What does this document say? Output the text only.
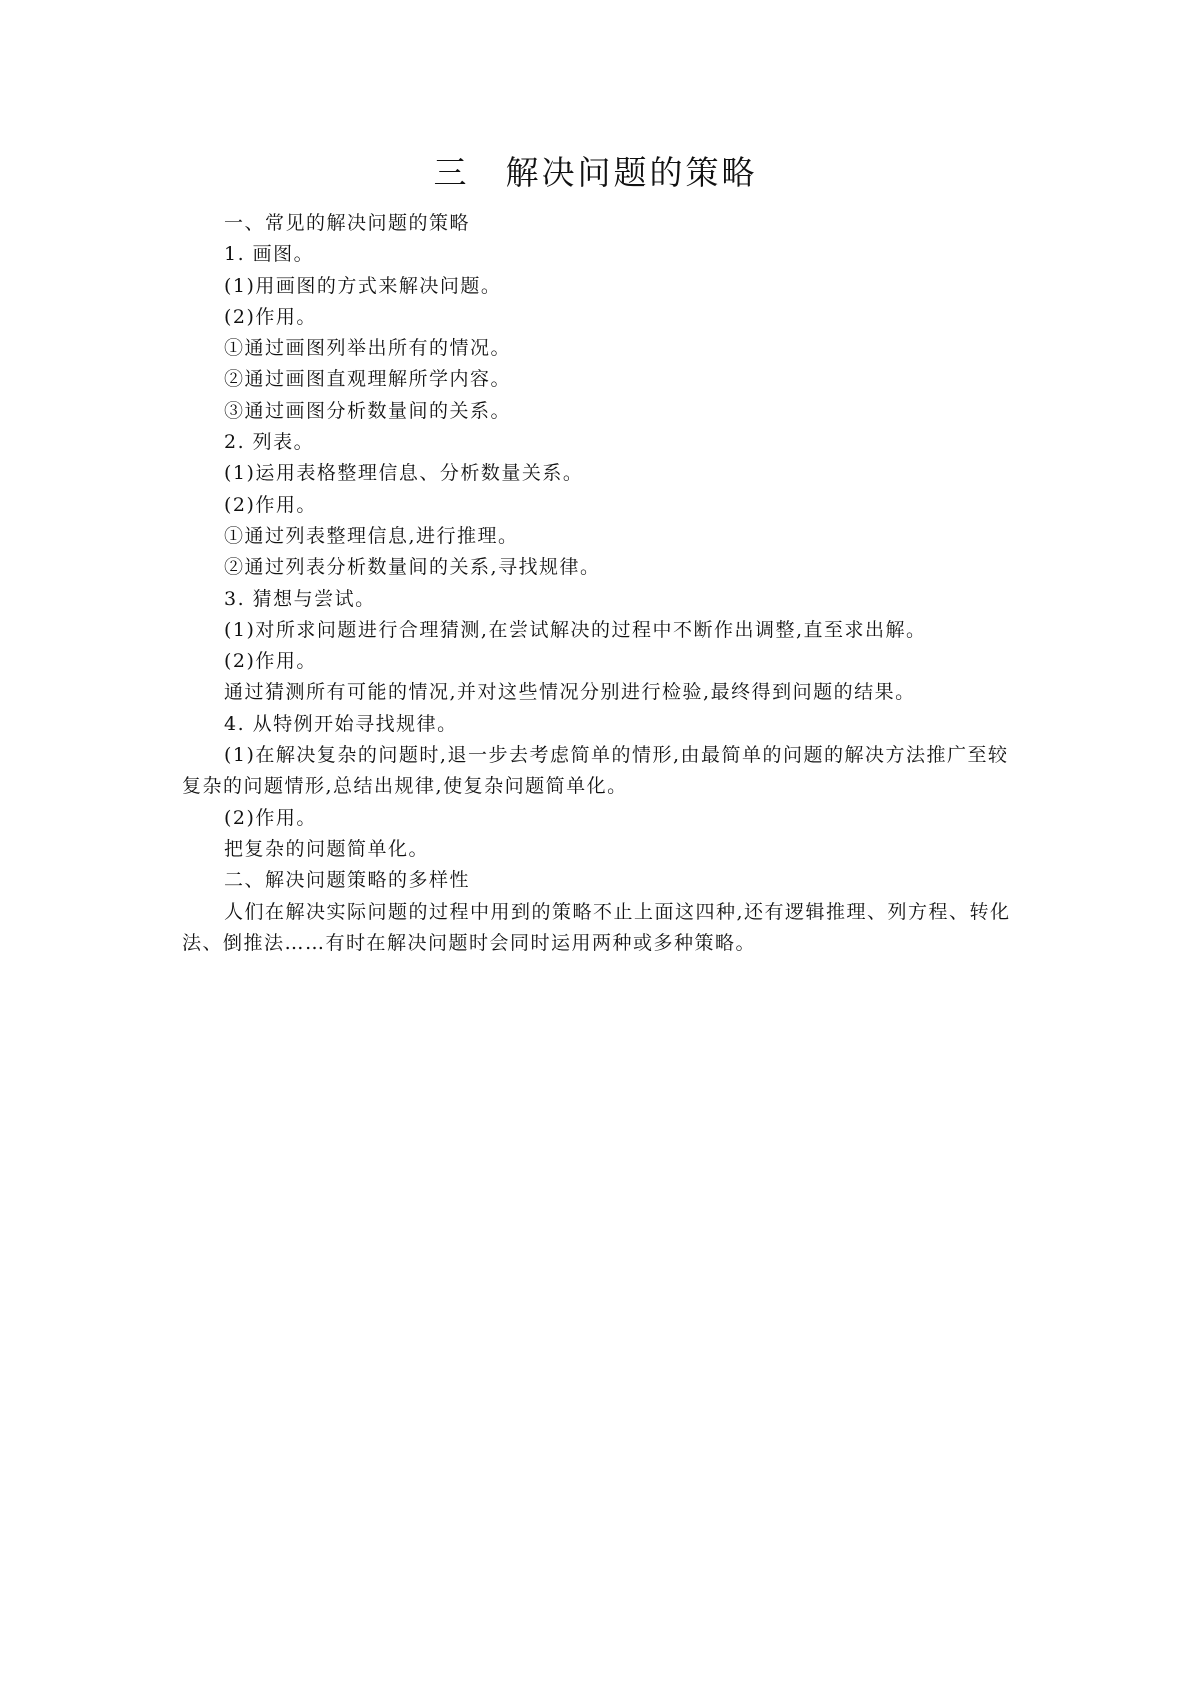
三　解决问题的策略

一、常见的解决问题的策略

1. 画图。

(1)用画图的方式来解决问题。

(2)作用。

①通过画图列举出所有的情况。

②通过画图直观理解所学内容。

③通过画图分析数量间的关系。

2. 列表。

(1)运用表格整理信息、分析数量关系。

(2)作用。

①通过列表整理信息,进行推理。

②通过列表分析数量间的关系,寻找规律。

3. 猜想与尝试。

(1)对所求问题进行合理猜测,在尝试解决的过程中不断作出调整,直至求出解。

(2)作用。

通过猜测所有可能的情况,并对这些情况分别进行检验,最终得到问题的结果。

4. 从特例开始寻找规律。

(1)在解决复杂的问题时,退一步去考虑简单的情形,由最简单的问题的解决方法推广至较复杂的问题情形,总结出规律,使复杂问题简单化。

(2)作用。

把复杂的问题简单化。

二、解决问题策略的多样性

人们在解决实际问题的过程中用到的策略不止上面这四种,还有逻辑推理、列方程、转化法、倒推法……有时在解决问题时会同时运用两种或多种策略。
